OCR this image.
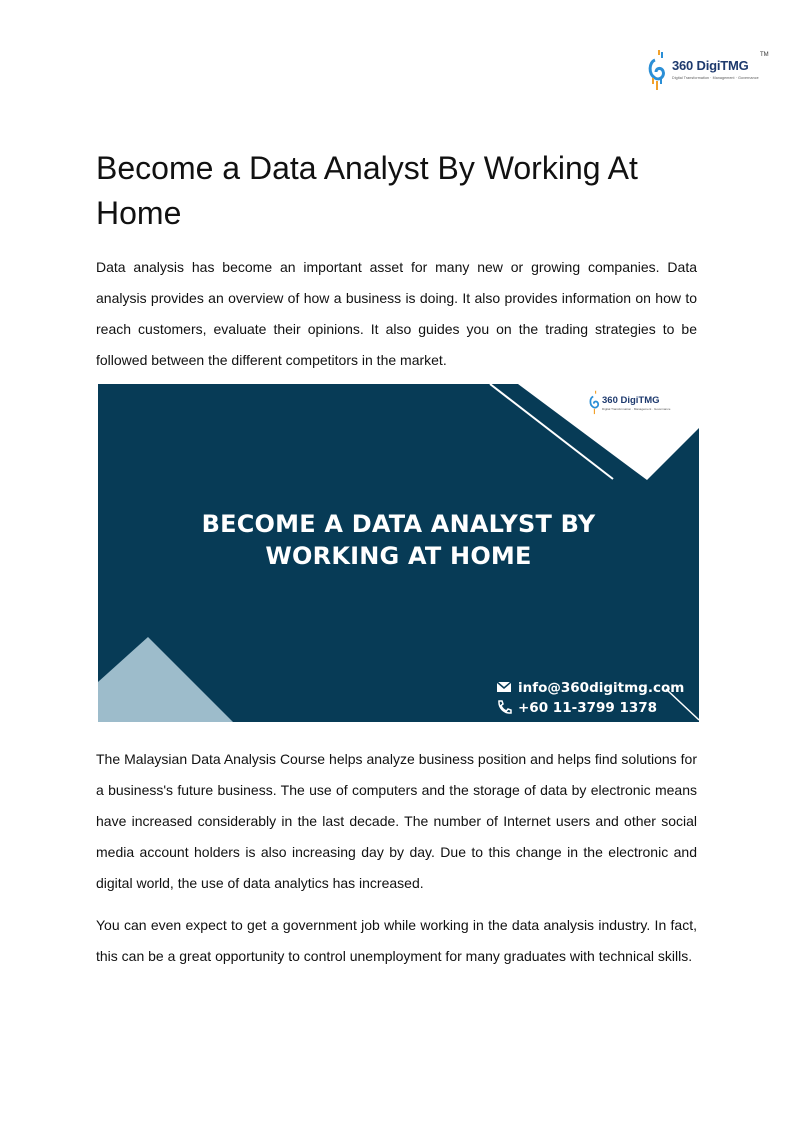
360 DigiTMG
TM
Digital Transformation · Management · Governance
Become a Data Analyst By Working At Home

Data analysis has become an important asset for many new or growing companies. Data analysis provides an overview of how a business is doing. It also provides information on how to reach customers, evaluate their opinions. It also guides you on the trading strategies to be followed between the different competitors in the market.

360 DigiTMG
Digital Transformation · Management · Governance
BECOME A DATA ANALYST BY
WORKING AT HOME
info@360digitmg.com
+60 11-3799 1378

The Malaysian Data Analysis Course helps analyze business position and helps find solutions for a business's future business. The use of computers and the storage of data by electronic means have increased considerably in the last decade. The number of Internet users and other social media account holders is also increasing day by day. Due to this change in the electronic and digital world, the use of data analytics has increased.

You can even expect to get a government job while working in the data analysis industry. In fact, this can be a great opportunity to control unemployment for many graduates with technical skills.
